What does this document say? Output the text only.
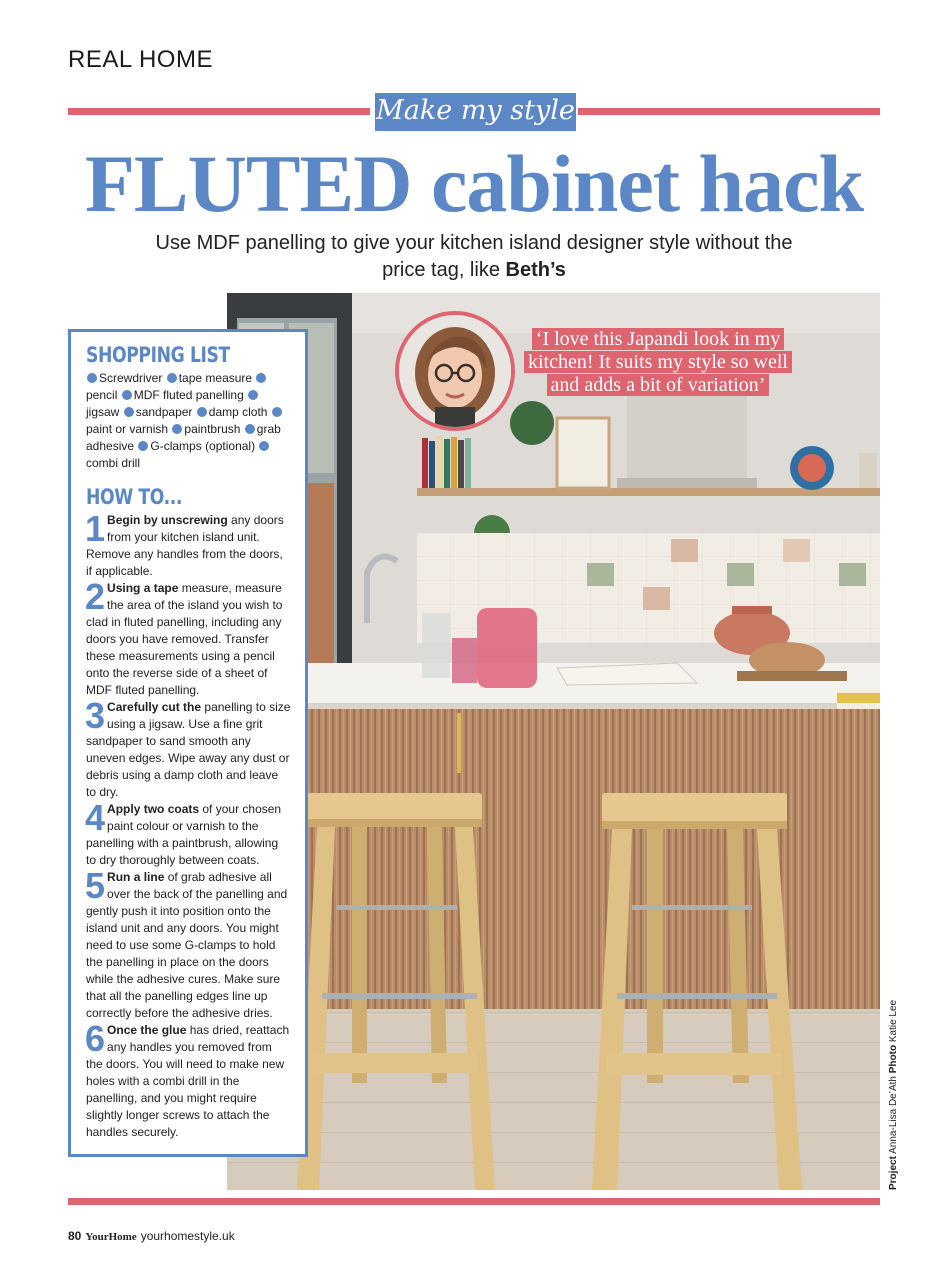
REAL HOME
Make my style
FLUTED cabinet hack

Use MDF panelling to give your kitchen island designer style without the price tag, like Beth’s

‘I love this Japandi look in my kitchen! It suits my style so well and adds a bit of variation’
Project Anna-Lisa De’Ath Photo Katie Lee
SHOPPING LIST
Screwdriver tape measure pencil MDF fluted panelling jigsaw sandpaper damp cloth paint or varnish paintbrush grab adhesive G-clamps (optional) combi drill
HOW TO...

1 Begin by unscrewing any doors from your kitchen island unit. Remove any handles from the doors, if applicable.

2 Using a tape measure, measure the area of the island you wish to clad in fluted panelling, including any doors you have removed. Transfer these measurements using a pencil onto the reverse side of a sheet of MDF fluted panelling.

3 Carefully cut the panelling to size using a jigsaw. Use a fine grit sandpaper to sand smooth any uneven edges. Wipe away any dust or debris using a damp cloth and leave to dry.

4 Apply two coats of your chosen paint colour or varnish to the panelling with a paintbrush, allowing to dry thoroughly between coats.

5 Run a line of grab adhesive all over the back of the panelling and gently push it into position onto the island unit and any doors. You might need to use some G-clamps to hold the panelling in place on the doors while the adhesive cures. Make sure that all the panelling edges line up correctly before the adhesive dries.

6 Once the glue has dried, reattach any handles you removed from the doors. You will need to make new holes with a combi drill in the panelling, and you might require slightly longer screws to attach the handles securely.

80 YourHome yourhomestyle.uk
